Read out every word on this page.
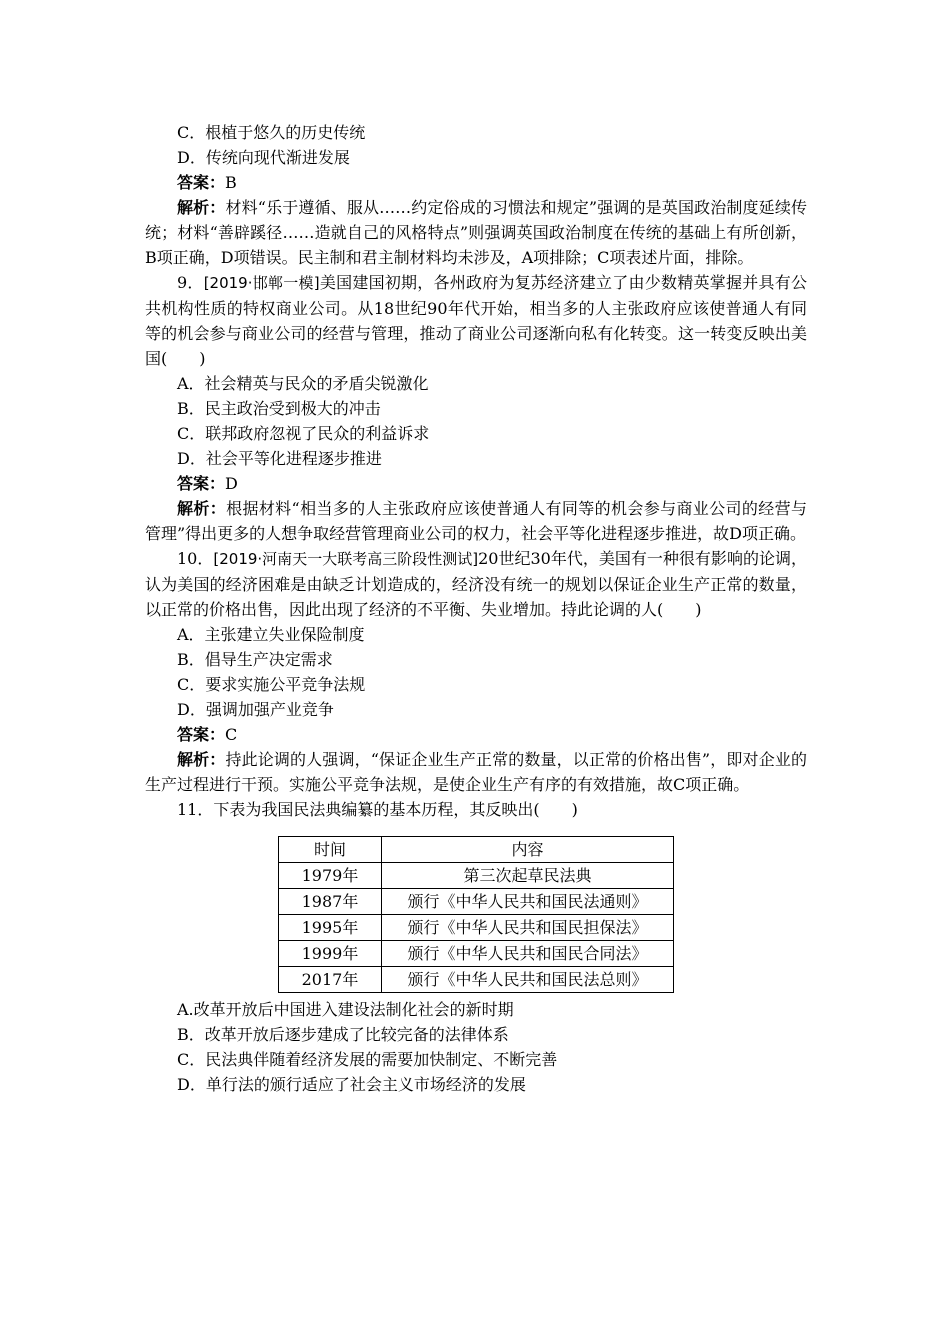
C．根植于悠久的历史传统

D．传统向现代渐进发展

答案：B

解析：材料“乐于遵循、服从……约定俗成的习惯法和规定”强调的是英国政治制度延续传统；材料“善辟蹊径……造就自己的风格特点”则强调英国政治制度在传统的基础上有所创新，B项正确，D项错误。民主制和君主制材料均未涉及，A项排除；C项表述片面，排除。

9．[2019·邯郸一模]美国建国初期，各州政府为复苏经济建立了由少数精英掌握并具有公共机构性质的特权商业公司。从18世纪90年代开始，相当多的人主张政府应该使普通人有同等的机会参与商业公司的经营与管理，推动了商业公司逐渐向私有化转变。这一转变反映出美国(　　)

A．社会精英与民众的矛盾尖锐激化

B．民主政治受到极大的冲击

C．联邦政府忽视了民众的利益诉求

D．社会平等化进程逐步推进

答案：D

解析：根据材料“相当多的人主张政府应该使普通人有同等的机会参与商业公司的经营与管理”得出更多的人想争取经营管理商业公司的权力，社会平等化进程逐步推进，故D项正确。

10．[2019·河南天一大联考高三阶段性测试]20世纪30年代，美国有一种很有影响的论调，认为美国的经济困难是由缺乏计划造成的，经济没有统一的规划以保证企业生产正常的数量，以正常的价格出售，因此出现了经济的不平衡、失业增加。持此论调的人(　　)

A．主张建立失业保险制度

B．倡导生产决定需求

C．要求实施公平竞争法规

D．强调加强产业竞争

答案：C

解析：持此论调的人强调，“保证企业生产正常的数量，以正常的价格出售”，即对企业的生产过程进行干预。实施公平竞争法规，是使企业生产有序的有效措施，故C项正确。

11．下表为我国民法典编纂的基本历程，其反映出(　　)

时间	内容
1979年	第三次起草民法典
1987年	颁行《中华人民共和国民法通则》
1995年	颁行《中华人民共和国民担保法》
1999年	颁行《中华人民共和国民合同法》
2017年	颁行《中华人民共和国民法总则》

A.改革开放后中国进入建设法制化社会的新时期

B．改革开放后逐步建成了比较完备的法律体系

C．民法典伴随着经济发展的需要加快制定、不断完善

D．单行法的颁行适应了社会主义市场经济的发展
